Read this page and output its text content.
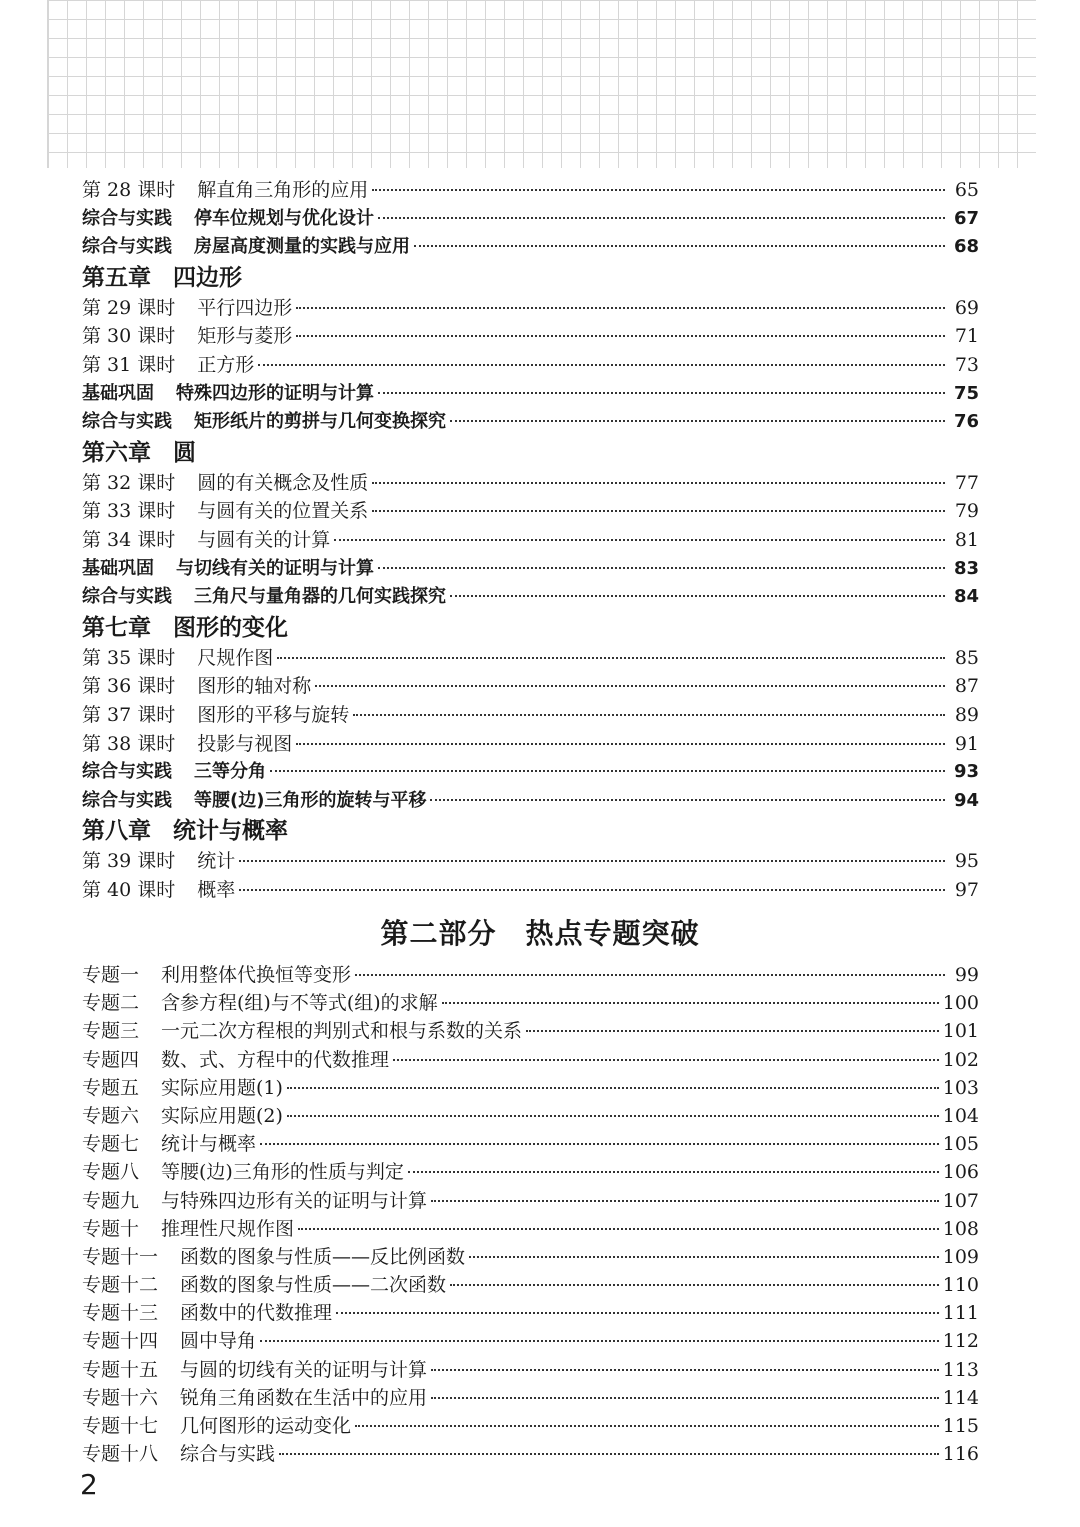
第 28 课时 解直角三角形的应用	65
综合与实践 停车位规划与优化设计	67
综合与实践 房屋高度测量的实践与应用	68
第五章 四边形
第 29 课时 平行四边形	69
第 30 课时 矩形与菱形	71
第 31 课时 正方形	73
基础巩固 特殊四边形的证明与计算	75
综合与实践 矩形纸片的剪拼与几何变换探究	76
第六章 圆
第 32 课时 圆的有关概念及性质	77
第 33 课时 与圆有关的位置关系	79
第 34 课时 与圆有关的计算	81
基础巩固 与切线有关的证明与计算	83
综合与实践 三角尺与量角器的几何实践探究	84
第七章 图形的变化
第 35 课时 尺规作图	85
第 36 课时 图形的轴对称	87
第 37 课时 图形的平移与旋转	89
第 38 课时 投影与视图	91
综合与实践 三等分角	93
综合与实践 等腰(边)三角形的旋转与平移	94
第八章 统计与概率
第 39 课时 统计	95
第 40 课时 概率	97
第二部分　热点专题突破
专题一 利用整体代换恒等变形	99
专题二 含参方程(组)与不等式(组)的求解	100
专题三 一元二次方程根的判别式和根与系数的关系	101
专题四 数、式、方程中的代数推理	102
专题五 实际应用题(1)	103
专题六 实际应用题(2)	104
专题七 统计与概率	105
专题八 等腰(边)三角形的性质与判定	106
专题九 与特殊四边形有关的证明与计算	107
专题十 推理性尺规作图	108
专题十一 函数的图象与性质——反比例函数	109
专题十二 函数的图象与性质——二次函数	110
专题十三 函数中的代数推理	111
专题十四 圆中导角	112
专题十五 与圆的切线有关的证明与计算	113
专题十六 锐角三角函数在生活中的应用	114
专题十七 几何图形的运动变化	115
专题十八 综合与实践	116
2
